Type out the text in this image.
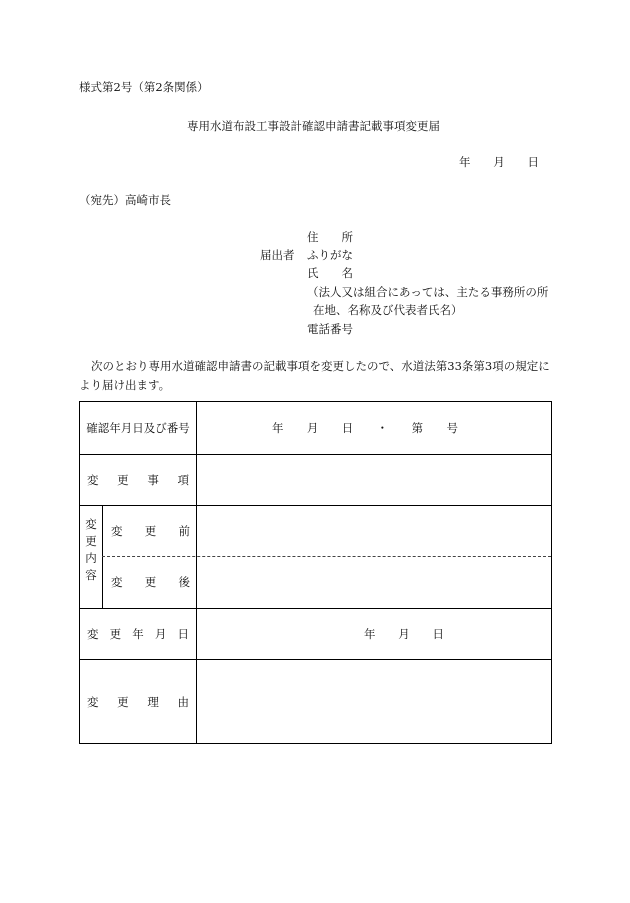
様式第2号（第2条関係）
専用水道布設工事設計確認申請書記載事項変更届
年 月 日
（宛先）高崎市長
住 所
届出者 ふりがな
氏 名
（法人又は組合にあっては、主たる事務所の所
在地、名称及び代表者氏名）
電話番号
次のとおり専用水道確認申請書の記載事項を変更したので、水道法第33条第3項の規定に
より届け出ます。
確認年月日及び番号	年 月 日 ・ 第 号
変 更 事 項
変
更
内
容
変 更 前
変 更 後
変 更 年 月 日	年 月 日
変 更 理 由
